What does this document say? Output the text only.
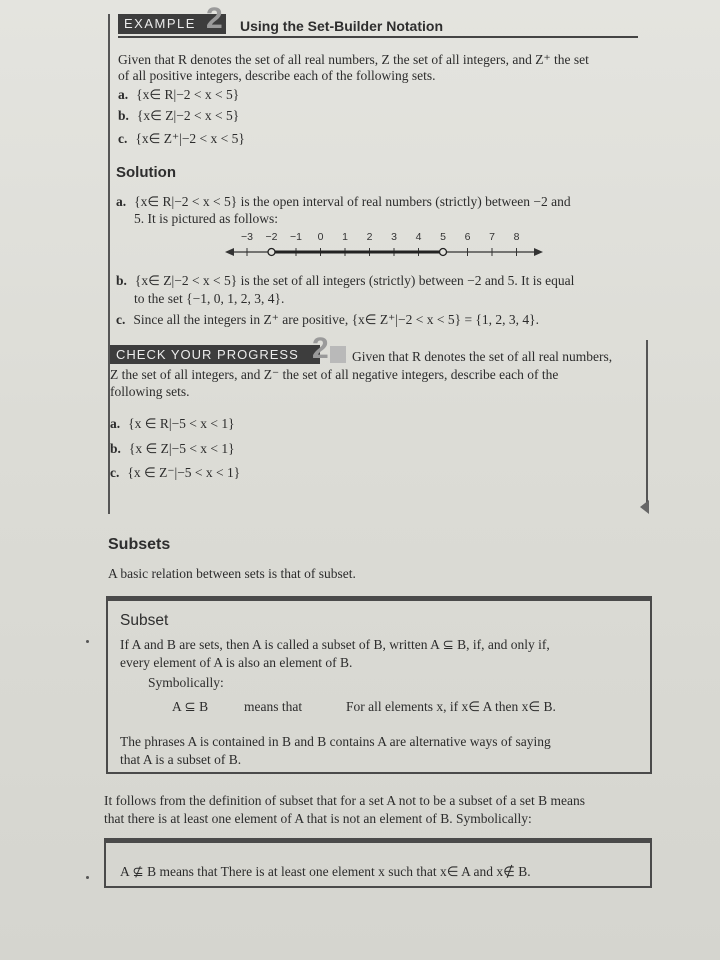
EXAMPLE 2 Using the Set-Builder Notation
Given that R denotes the set of all real numbers, Z the set of all integers, and Z⁺ the set
of all positive integers, describe each of the following sets.
a. {x∈ R|−2 < x < 5}
b. {x∈ Z|−2 < x < 5}
c. {x∈ Z⁺|−2 < x < 5}
Solution
a. {x∈ R|−2 < x < 5} is the open interval of real numbers (strictly) between −2 and
5. It is pictured as follows:
−3 −2 −1 0 1 2 3 4 5 6 7 8
b. {x∈ Z|−2 < x < 5} is the set of all integers (strictly) between −2 and 5. It is equal
to the set {−1, 0, 1, 2, 3, 4}.
c. Since all the integers in Z⁺ are positive, {x∈ Z⁺|−2 < x < 5} = {1, 2, 3, 4}.
CHECK YOUR PROGRESS 2 Given that R denotes the set of all real numbers,
Z the set of all integers, and Z⁻ the set of all negative integers, describe each of the
following sets.
a. {x ∈ R|−5 < x < 1}
b. {x ∈ Z|−5 < x < 1}
c. {x ∈ Z⁻|−5 < x < 1}
Subsets
A basic relation between sets is that of subset.
Subset
If A and B are sets, then A is called a subset of B, written A ⊆ B, if, and only if,
every element of A is also an element of B.
Symbolically:
A ⊆ B	means that	For all elements x, if x∈ A then x∈ B.
The phrases A is contained in B and B contains A are alternative ways of saying
that A is a subset of B.
It follows from the definition of subset that for a set A not to be a subset of a set B means
that there is at least one element of A that is not an element of B. Symbolically:
A ⊈ B means that There is at least one element x such that x∈ A and x∉ B.
